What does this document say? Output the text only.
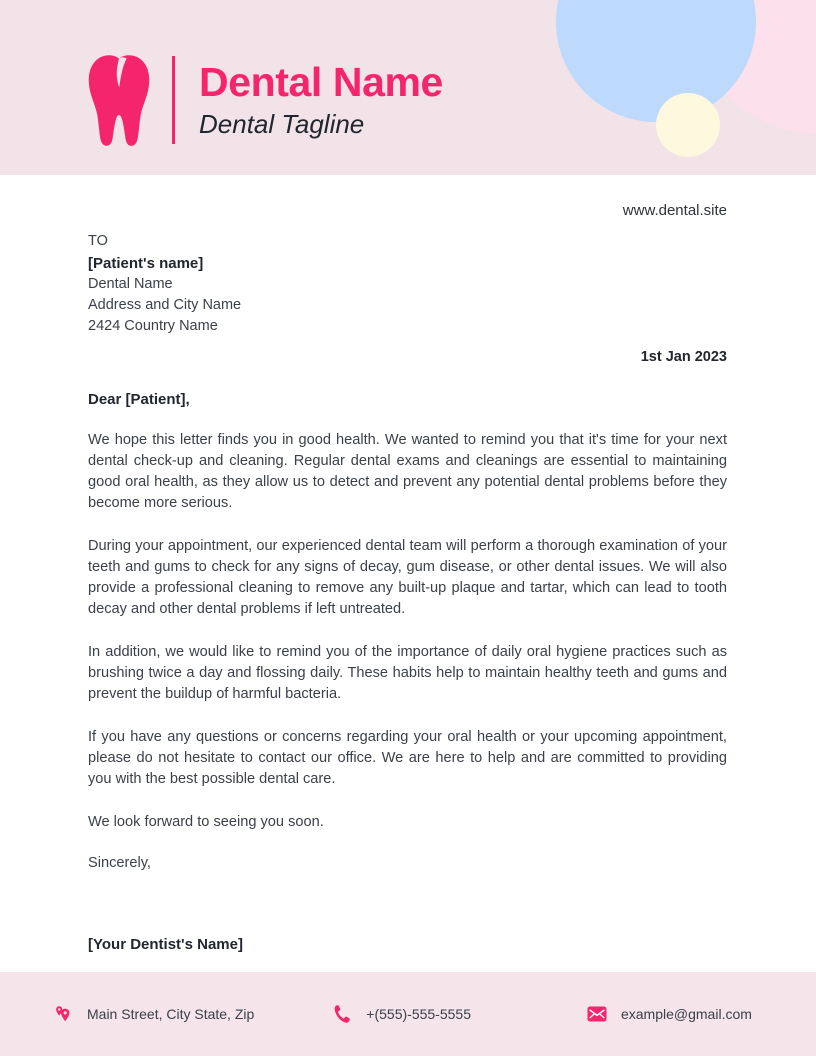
Dental Name
Dental Tagline
www.dental.site
TO
[Patient's name]
Dental Name
Address and City Name
2424 Country Name
1st Jan 2023
Dear [Patient],

We hope this letter finds you in good health. We wanted to remind you that it's time for your next dental check-up and cleaning. Regular dental exams and cleanings are essential to maintaining good oral health, as they allow us to detect and prevent any potential dental problems before they become more serious.

During your appointment, our experienced dental team will perform a thorough examination of your teeth and gums to check for any signs of decay, gum disease, or other dental issues. We will also provide a professional cleaning to remove any built-up plaque and tartar, which can lead to tooth decay and other dental problems if left untreated.

In addition, we would like to remind you of the importance of daily oral hygiene practices such as brushing twice a day and flossing daily. These habits help to maintain healthy teeth and gums and prevent the buildup of harmful bacteria.

If you have any questions or concerns regarding your oral health or your upcoming appointment, please do not hesitate to contact our office. We are here to help and are committed to providing you with the best possible dental care.

We look forward to seeing you soon.
Sincerely,
[Your Dentist's Name]
Main Street, City State, Zip	+(555)-555-5555	example@gmail.com
